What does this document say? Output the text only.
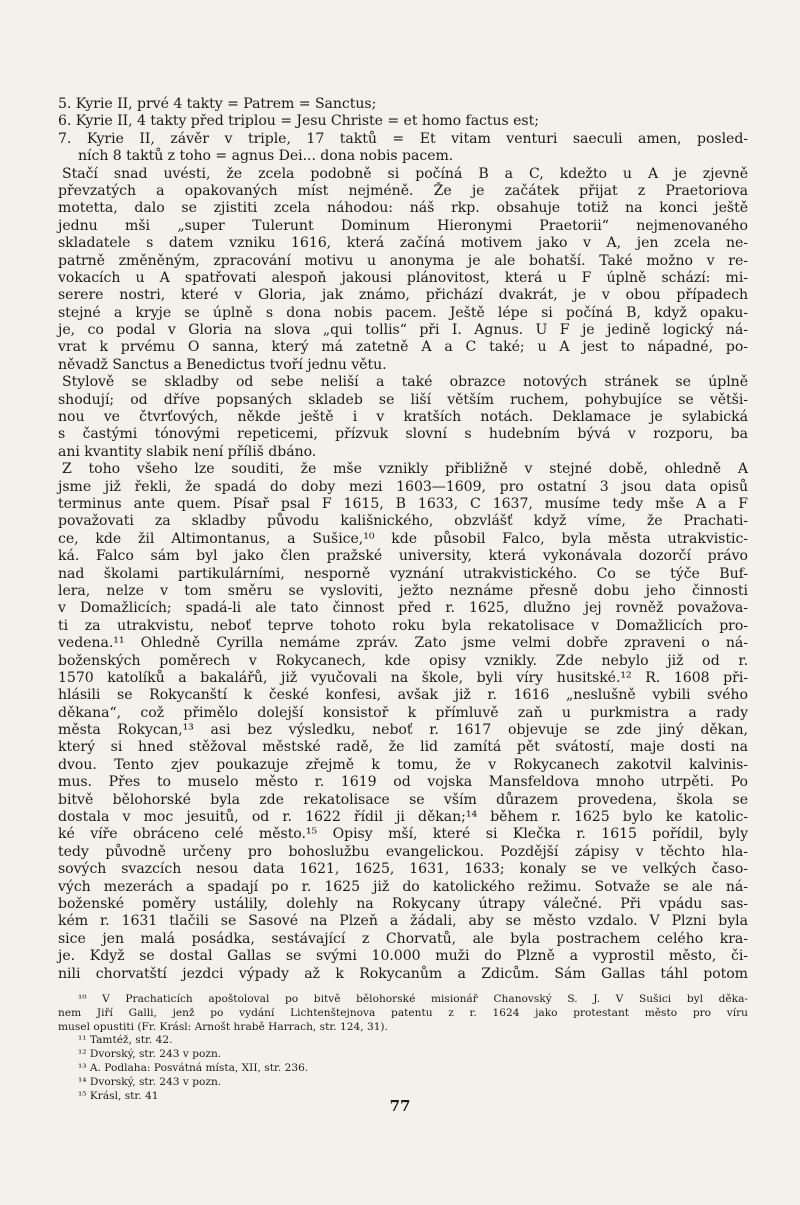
5. Kyrie II, prvé 4 takty = Patrem = Sanctus;
6. Kyrie II, 4 takty před triplou = Jesu Christe = et homo factus est;
7. Kyrie II, závěr v triple, 17 taktů = Et vitam venturi saeculi amen, posled-
ních 8 taktů z toho = agnus Dei... dona nobis pacem.
Stačí snad uvésti, že zcela podobně si počíná B a C, kdežto u A je zjevně
převzatých a opakovaných míst nejméně. Že je začátek přijat z Praetoriova
motetta, dalo se zjistiti zcela náhodou: náš rkp. obsahuje totiž na konci ještě
jednu mši „super Tulerunt Dominum Hieronymi Praetorii“ nejmenovaného
skladatele s datem vzniku 1616, která začíná motivem jako v A, jen zcela ne-
patrně změněným, zpracování motivu u anonyma je ale bohatší. Také možno v re-
vokacích u A spatřovati alespoň jakousi plánovitost, která u F úplně schází: mi-
serere nostri, které v Gloria, jak známo, přichází dvakrát, je v obou případech
stejné a kryje se úplně s dona nobis pacem. Ještě lépe si počíná B, když opaku-
je, co podal v Gloria na slova „qui tollis“ při I. Agnus. U F je jedině logický ná-
vrat k prvému O sanna, který má zatetně A a C také; u A jest to nápadné, po-
něvadž Sanctus a Benedictus tvoří jednu větu.
Stylově se skladby od sebe neliší a také obrazce notových stránek se úplně
shodují; od dříve popsaných skladeb se liší větším ruchem, pohybujíce se větši-
nou ve čtvrťových, někde ještě i v kratších notách. Deklamace je sylabická
s častými tónovými repeticemi, přízvuk slovní s hudebním bývá v rozporu, ba
ani kvantity slabik není příliš dbáno.
Z toho všeho lze souditi, že mše vznikly přibližně v stejné době, ohledně A
jsme již řekli, že spadá do doby mezi 1603—1609, pro ostatní 3 jsou data opisů
terminus ante quem. Písař psal F 1615, B 1633, C 1637, musíme tedy mše A a F
považovati za skladby původu kališnického, obzvlášť když víme, že Prachati-
ce, kde žil Altimontanus, a Sušice,¹⁰ kde působil Falco, byla města utrakvistic-
ká. Falco sám byl jako člen pražské university, která vykonávala dozorčí právo
nad školami partikulárními, nesporně vyznání utrakvistického. Co se týče Buf-
lera, nelze v tom směru se vysloviti, ježto neznáme přesně dobu jeho činnosti
v Domažlicích; spadá-li ale tato činnost před r. 1625, dlužno jej rovněž považova-
ti za utrakvistu, neboť teprve tohoto roku byla rekatolisace v Domažlicích pro-
vedena.¹¹ Ohledně Cyrilla nemáme zpráv. Zato jsme velmi dobře zpraveni o ná-
boženských poměrech v Rokycanech, kde opisy vznikly. Zde nebylo již od r.
1570 katolíků a bakalářů, již vyučovali na škole, byli víry husitské.¹² R. 1608 při-
hlásili se Rokycanští k české konfesi, avšak již r. 1616 „neslušně vybili svého
děkana“, což přimělo dolejší konsistoř k přímluvě zaň u purkmistra a rady
města Rokycan,¹³ asi bez výsledku, neboť r. 1617 objevuje se zde jiný děkan,
který si hned stěžoval městské radě, že lid zamítá pět svátostí, maje dosti na
dvou. Tento zjev poukazuje zřejmě k tomu, že v Rokycanech zakotvil kalvinis-
mus. Přes to muselo město r. 1619 od vojska Mansfeldova mnoho utrpěti. Po
bitvě bělohorské byla zde rekatolisace se vším důrazem provedena, škola se
dostala v moc jesuitů, od r. 1622 řídil ji děkan;¹⁴ během r. 1625 bylo ke katolic-
ké víře obráceno celé město.¹⁵ Opisy mší, které si Klečka r. 1615 pořídil, byly
tedy původně určeny pro bohoslužbu evangelickou. Pozdější zápisy v těchto hla-
sových svazcích nesou data 1621, 1625, 1631, 1633; konaly se ve velkých časo-
vých mezerách a spadají po r. 1625 již do katolického režimu. Sotvaže se ale ná-
boženské poměry ustálily, dolehly na Rokycany útrapy válečné. Při vpádu sas-
kém r. 1631 tlačili se Sasové na Plzeň a žádali, aby se město vzdalo. V Plzni byla
sice jen malá posádka, sestávající z Chorvatů, ale byla postrachem celého kra-
je. Když se dostal Gallas se svými 10.000 muži do Plzně a vyprostil město, či-
nili chorvatští jezdci výpady až k Rokycanům a Zdicům. Sám Gallas táhl potom
¹⁰ V Prachaticích apoštoloval po bitvě bělohorské misionář Chanovský S. J. V Sušici byl děka-
nem Jiří Galli, jenž po vydání Lichtenštejnova patentu z r. 1624 jako protestant město pro víru
musel opustiti (Fr. Krásl: Arnošt hrabě Harrach, str. 124, 31).
¹¹ Tamtéž, str. 42.
¹² Dvorský, str. 243 v pozn.
¹³ A. Podlaha: Posvátná místa, XII, str. 236.
¹⁴ Dvorský, str. 243 v pozn.
¹⁵ Krásl, str. 41
77
